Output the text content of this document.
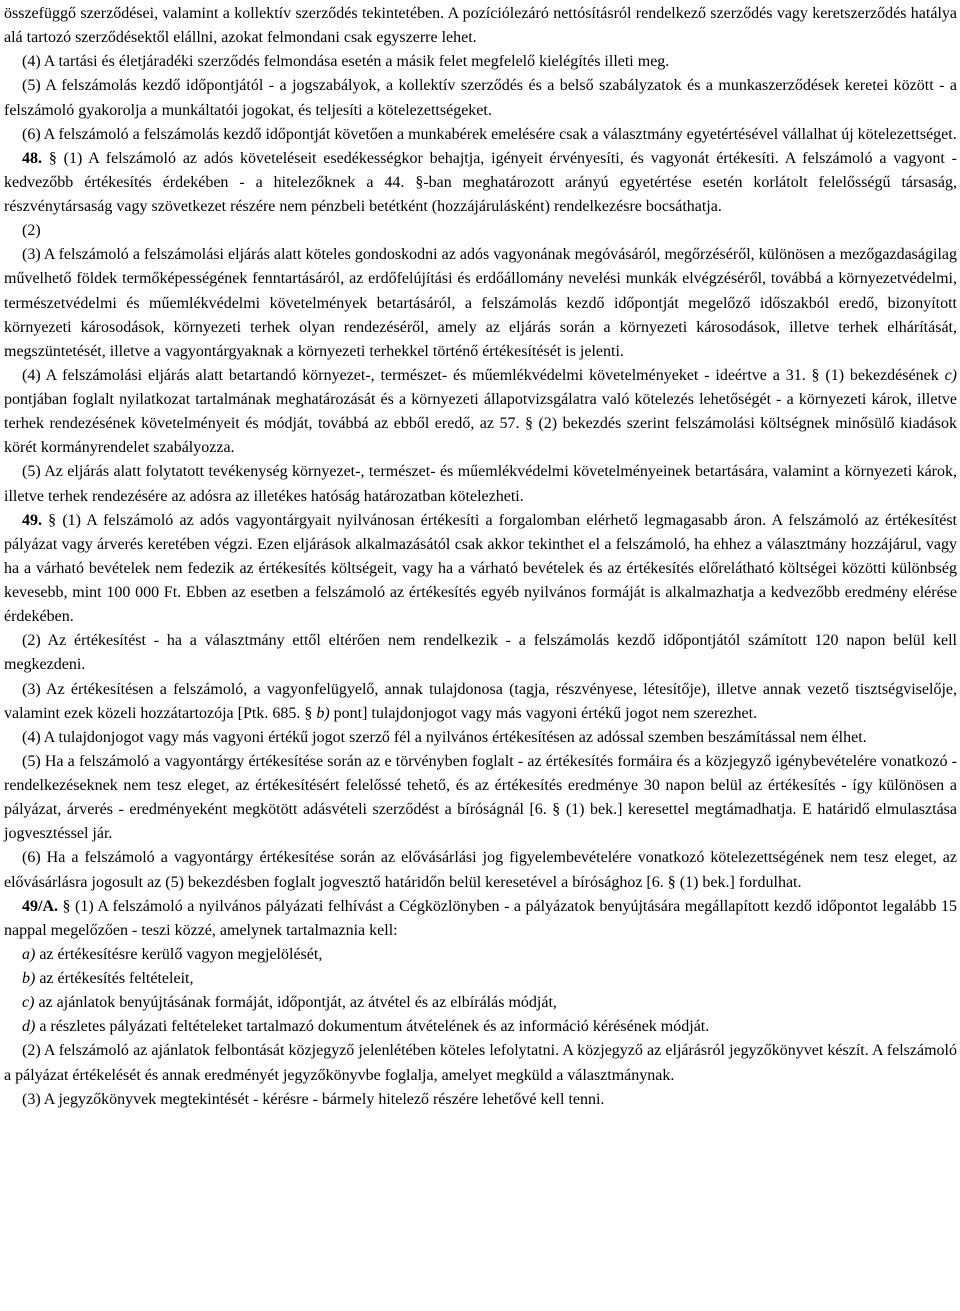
összefüggő szerződései, valamint a kollektív szerződés tekintetében. A pozíciólezáró nettósításról rendelkező szerződés vagy keretszerződés hatálya alá tartozó szerződésektől elállni, azokat felmondani csak egyszerre lehet.

(4) A tartási és életjáradéki szerződés felmondása esetén a másik felet megfelelő kielégítés illeti meg.

(5) A felszámolás kezdő időpontjától - a jogszabályok, a kollektív szerződés és a belső szabályzatok és a munkaszerződések keretei között - a felszámoló gyakorolja a munkáltatói jogokat, és teljesíti a kötelezettségeket.

(6) A felszámoló a felszámolás kezdő időpontját követően a munkabérek emelésére csak a választmány egyetértésével vállalhat új kötelezettséget.

48. § (1) A felszámoló az adós követeléseit esedékességkor behajtja, igényeit érvényesíti, és vagyonát értékesíti. A felszámoló a vagyont - kedvezőbb értékesítés érdekében - a hitelezőknek a 44. §-ban meghatározott arányú egyetértése esetén korlátolt felelősségű társaság, részvénytársaság vagy szövetkezet részére nem pénzbeli betétként (hozzájárulásként) rendelkezésre bocsáthatja.

(2)

(3) A felszámoló a felszámolási eljárás alatt köteles gondoskodni az adós vagyonának megóvásáról, megőrzéséről, különösen a mezőgazdaságilag művelhető földek termőképességének fenntartásáról, az erdőfelújítási és erdőállomány nevelési munkák elvégzéséről, továbbá a környezetvédelmi, természetvédelmi és műemlékvédelmi követelmények betartásáról, a felszámolás kezdő időpontját megelőző időszakból eredő, bizonyított környezeti károsodások, környezeti terhek olyan rendezéséről, amely az eljárás során a környezeti károsodások, illetve terhek elhárítását, megszüntetését, illetve a vagyontárgyaknak a környezeti terhekkel történő értékesítését is jelenti.

(4) A felszámolási eljárás alatt betartandó környezet-, természet- és műemlékvédelmi követelményeket - ideértve a 31. § (1) bekezdésének c) pontjában foglalt nyilatkozat tartalmának meghatározását és a környezeti állapotvizsgálatra való kötelezés lehetőségét - a környezeti károk, illetve terhek rendezésének követelményeit és módját, továbbá az ebből eredő, az 57. § (2) bekezdés szerint felszámolási költségnek minősülő kiadások körét kormányrendelet szabályozza.

(5) Az eljárás alatt folytatott tevékenység környezet-, természet- és műemlékvédelmi követelményeinek betartására, valamint a környezeti károk, illetve terhek rendezésére az adósra az illetékes hatóság határozatban kötelezheti.

49. § (1) A felszámoló az adós vagyontárgyait nyilvánosan értékesíti a forgalomban elérhető legmagasabb áron. A felszámoló az értékesítést pályázat vagy árverés keretében végzi. Ezen eljárások alkalmazásától csak akkor tekinthet el a felszámoló, ha ehhez a választmány hozzájárul, vagy ha a várható bevételek nem fedezik az értékesítés költségeit, vagy ha a várható bevételek és az értékesítés előrelátható költségei közötti különbség kevesebb, mint 100 000 Ft. Ebben az esetben a felszámoló az értékesítés egyéb nyilvános formáját is alkalmazhatja a kedvezőbb eredmény elérése érdekében.

(2) Az értékesítést - ha a választmány ettől eltérően nem rendelkezik - a felszámolás kezdő időpontjától számított 120 napon belül kell megkezdeni.

(3) Az értékesítésen a felszámoló, a vagyonfelügyelő, annak tulajdonosa (tagja, részvényese, létesítője), illetve annak vezető tisztségviselője, valamint ezek közeli hozzátartozója [Ptk. 685. § b) pont] tulajdonjogot vagy más vagyoni értékű jogot nem szerezhet.

(4) A tulajdonjogot vagy más vagyoni értékű jogot szerző fél a nyilvános értékesítésen az adóssal szemben beszámítással nem élhet.

(5) Ha a felszámoló a vagyontárgy értékesítése során az e törvényben foglalt - az értékesítés formáira és a közjegyző igénybevételére vonatkozó - rendelkezéseknek nem tesz eleget, az értékesítésért felelőssé tehető, és az értékesítés eredménye 30 napon belül az értékesítés - így különösen a pályázat, árverés - eredményeként megkötött adásvételi szerződést a bíróságnál [6. § (1) bek.] keresettel megtámadhatja. E határidő elmulasztása jogvesztéssel jár.

(6) Ha a felszámoló a vagyontárgy értékesítése során az elővásárlási jog figyelembevételére vonatkozó kötelezettségének nem tesz eleget, az elővásárlásra jogosult az (5) bekezdésben foglalt jogvesztő határidőn belül keresetével a bírósághoz [6. § (1) bek.] fordulhat.

49/A. § (1) A felszámoló a nyilvános pályázati felhívást a Cégközlönyben - a pályázatok benyújtására megállapított kezdő időpontot legalább 15 nappal megelőzően - teszi közzé, amelynek tartalmaznia kell:

a) az értékesítésre kerülő vagyon megjelölését,

b) az értékesítés feltételeit,

c) az ajánlatok benyújtásának formáját, időpontját, az átvétel és az elbírálás módját,

d) a részletes pályázati feltételeket tartalmazó dokumentum átvételének és az információ kérésének módját.

(2) A felszámoló az ajánlatok felbontását közjegyző jelenlétében köteles lefolytatni. A közjegyző az eljárásról jegyzőkönyvet készít. A felszámoló a pályázat értékelését és annak eredményét jegyzőkönyvbe foglalja, amelyet megküld a választmánynak.

(3) A jegyzőkönyvek megtekintését - kérésre - bármely hitelező részére lehetővé kell tenni.
